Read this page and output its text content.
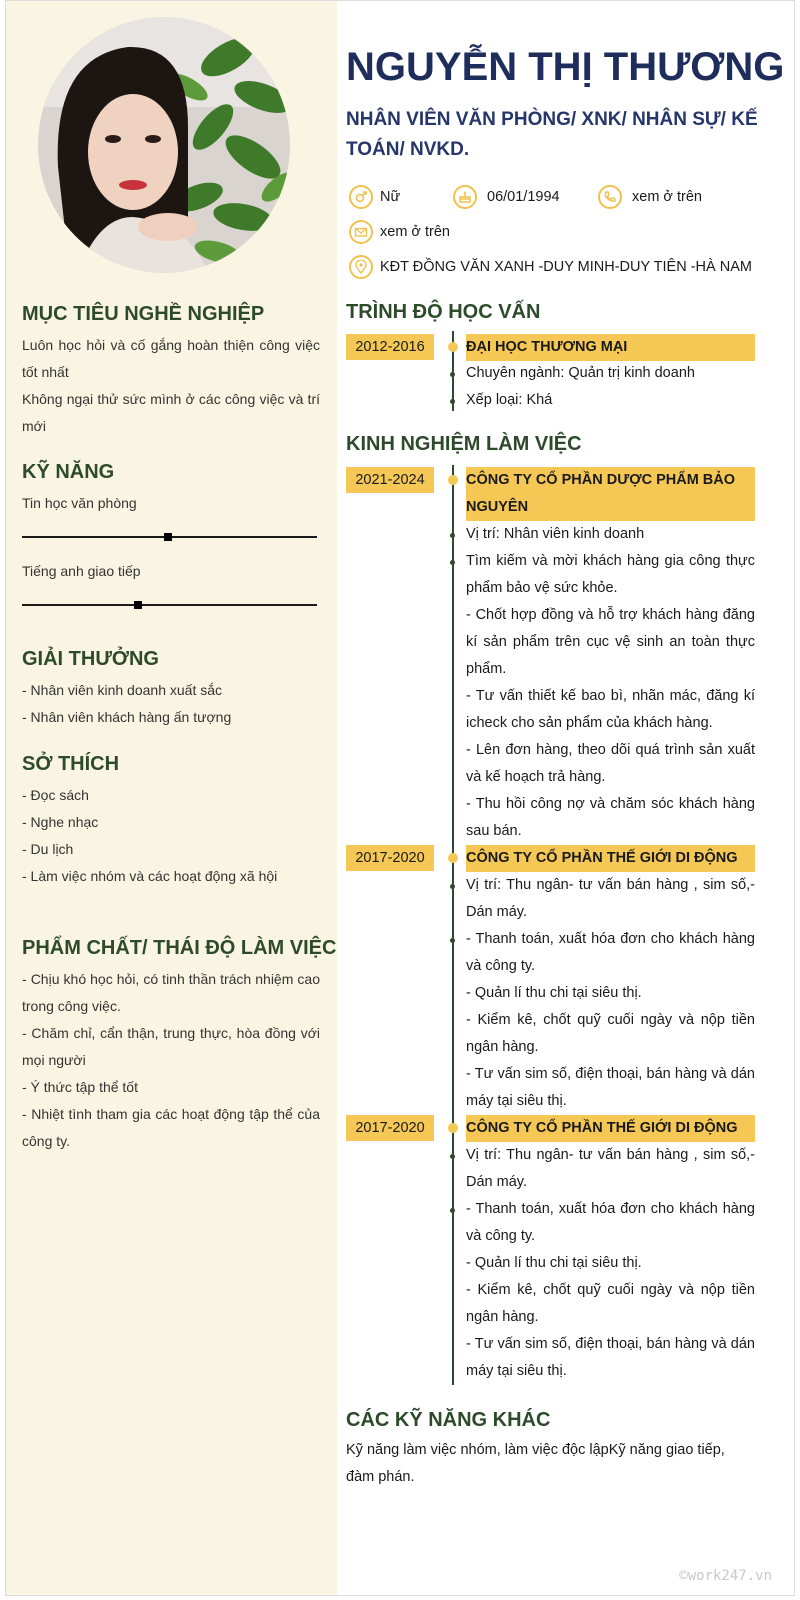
MỤC TIÊU NGHỀ NGHIỆP
Luôn học hỏi và cố gắng hoàn thiện công việc tốt nhất
Không ngại thử sức mình ở các công việc và trí mới
KỸ NĂNG
Tin học văn phòng
Tiếng anh giao tiếp
GIẢI THƯỞNG
- Nhân viên kinh doanh xuất sắc
- Nhân viên khách hàng ấn tượng
SỞ THÍCH
- Đọc sách
- Nghe nhạc
- Du lịch
- Làm việc nhóm và các hoạt động xã hội
PHẨM CHẤT/ THÁI ĐỘ LÀM VIỆC
- Chịu khó học hỏi, có tinh thần trách nhiệm cao trong công việc.
- Chăm chỉ, cẩn thận, trung thực, hòa đồng với mọi người
- Ý thức tập thể tốt
- Nhiệt tình tham gia các hoạt động tập thể của công ty.
NGUYỄN THỊ THƯƠNG
NHÂN VIÊN VĂN PHÒNG/ XNK/ NHÂN SỰ/ KẾ TOÁN/ NVKD.
Nữ	06/01/1994	xem ở trên
xem ở trên
KĐT ĐỒNG VĂN XANH -DUY MINH-DUY TIÊN -HÀ NAM
TRÌNH ĐỘ HỌC VẤN
2012-2016	ĐẠI HỌC THƯƠNG MẠI
Chuyên ngành: Quản trị kinh doanh
Xếp loại: Khá
KINH NGHIỆM LÀM VIỆC
2021-2024	CÔNG TY CỔ PHẦN DƯỢC PHẨM BẢO NGUYÊN
Vị trí: Nhân viên kinh doanh
Tìm kiếm và mời khách hàng gia công thực phẩm bảo vệ sức khỏe.
- Chốt hợp đồng và hỗ trợ khách hàng đăng kí sản phẩm trên cục vệ sinh an toàn thực phẩm.
- Tư vấn thiết kế bao bì, nhãn mác, đăng kí icheck cho sản phẩm của khách hàng.
- Lên đơn hàng, theo dõi quá trình sản xuất và kế hoạch trả hàng.
- Thu hồi công nợ và chăm sóc khách hàng sau bán.
2017-2020	CÔNG TY CỔ PHẦN THẾ GIỚI DI ĐỘNG
Vị trí: Thu ngân- tư vấn bán hàng , sim số,- Dán máy.
- Thanh toán, xuất hóa đơn cho khách hàng và công ty.
- Quản lí thu chi tại siêu thị.
- Kiểm kê, chốt quỹ cuối ngày và nộp tiền ngân hàng.
- Tư vấn sim số, điện thoại, bán hàng và dán máy tại siêu thị.
2017-2020	CÔNG TY CỔ PHẦN THẾ GIỚI DI ĐỘNG
Vị trí: Thu ngân- tư vấn bán hàng , sim số,- Dán máy.
- Thanh toán, xuất hóa đơn cho khách hàng và công ty.
- Quản lí thu chi tại siêu thị.
- Kiểm kê, chốt quỹ cuối ngày và nộp tiền ngân hàng.
- Tư vấn sim số, điện thoại, bán hàng và dán máy tại siêu thị.
CÁC KỸ NĂNG KHÁC
Kỹ năng làm việc nhóm, làm việc độc lậpKỹ năng giao tiếp, đàm phán.
©work247.vn
